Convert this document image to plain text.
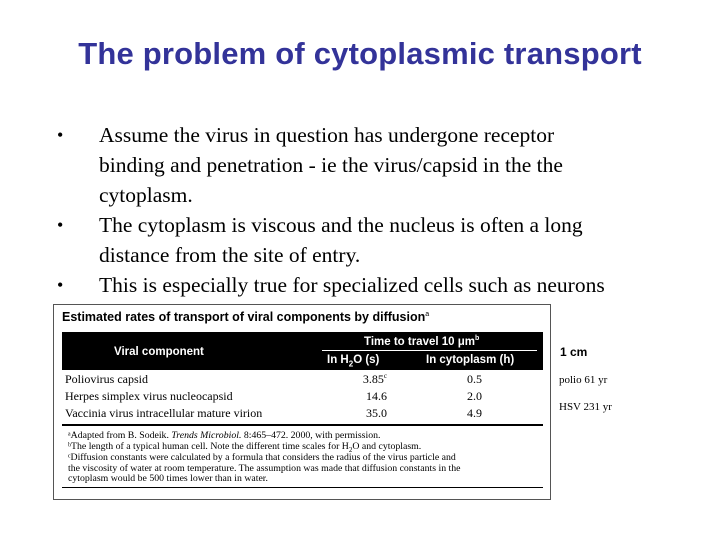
The problem of cytoplasmic transport
• Assume the virus in question has undergone receptor
binding and penetration - ie the virus/capsid in the the
cytoplasm.
• The cytoplasm is viscous and the nucleus is often a long
distance from the site of entry.
• This is especially true for specialized cells such as neurons
Estimated rates of transport of viral components by diffusion$^a$
Viral component
Time to travel 10 $\mu m^b$
In $H_2O$ (s)	In cytoplasm (h)
Poliovirus capsid	3.85$^c$	0.5
Herpes simplex virus nucleocapsid	14.6	2.0
Vaccinia virus intracellular mature virion	35.0	4.9
ᵃAdapted from B. Sodeik. Trends Microbiol. 8:465–472. 2000, with permission.
ᵇThe length of a typical human cell. Note the different time scales for $H_2O$ and cytoplasm.
ᶜDiffusion constants were calculated by a formula that considers the radius of the virus particle and
the viscosity of water at room temperature. The assumption was made that diffusion constants in the
cytoplasm would be 500 times lower than in water.
1 cm
polio 61 yr
HSV 231 yr
